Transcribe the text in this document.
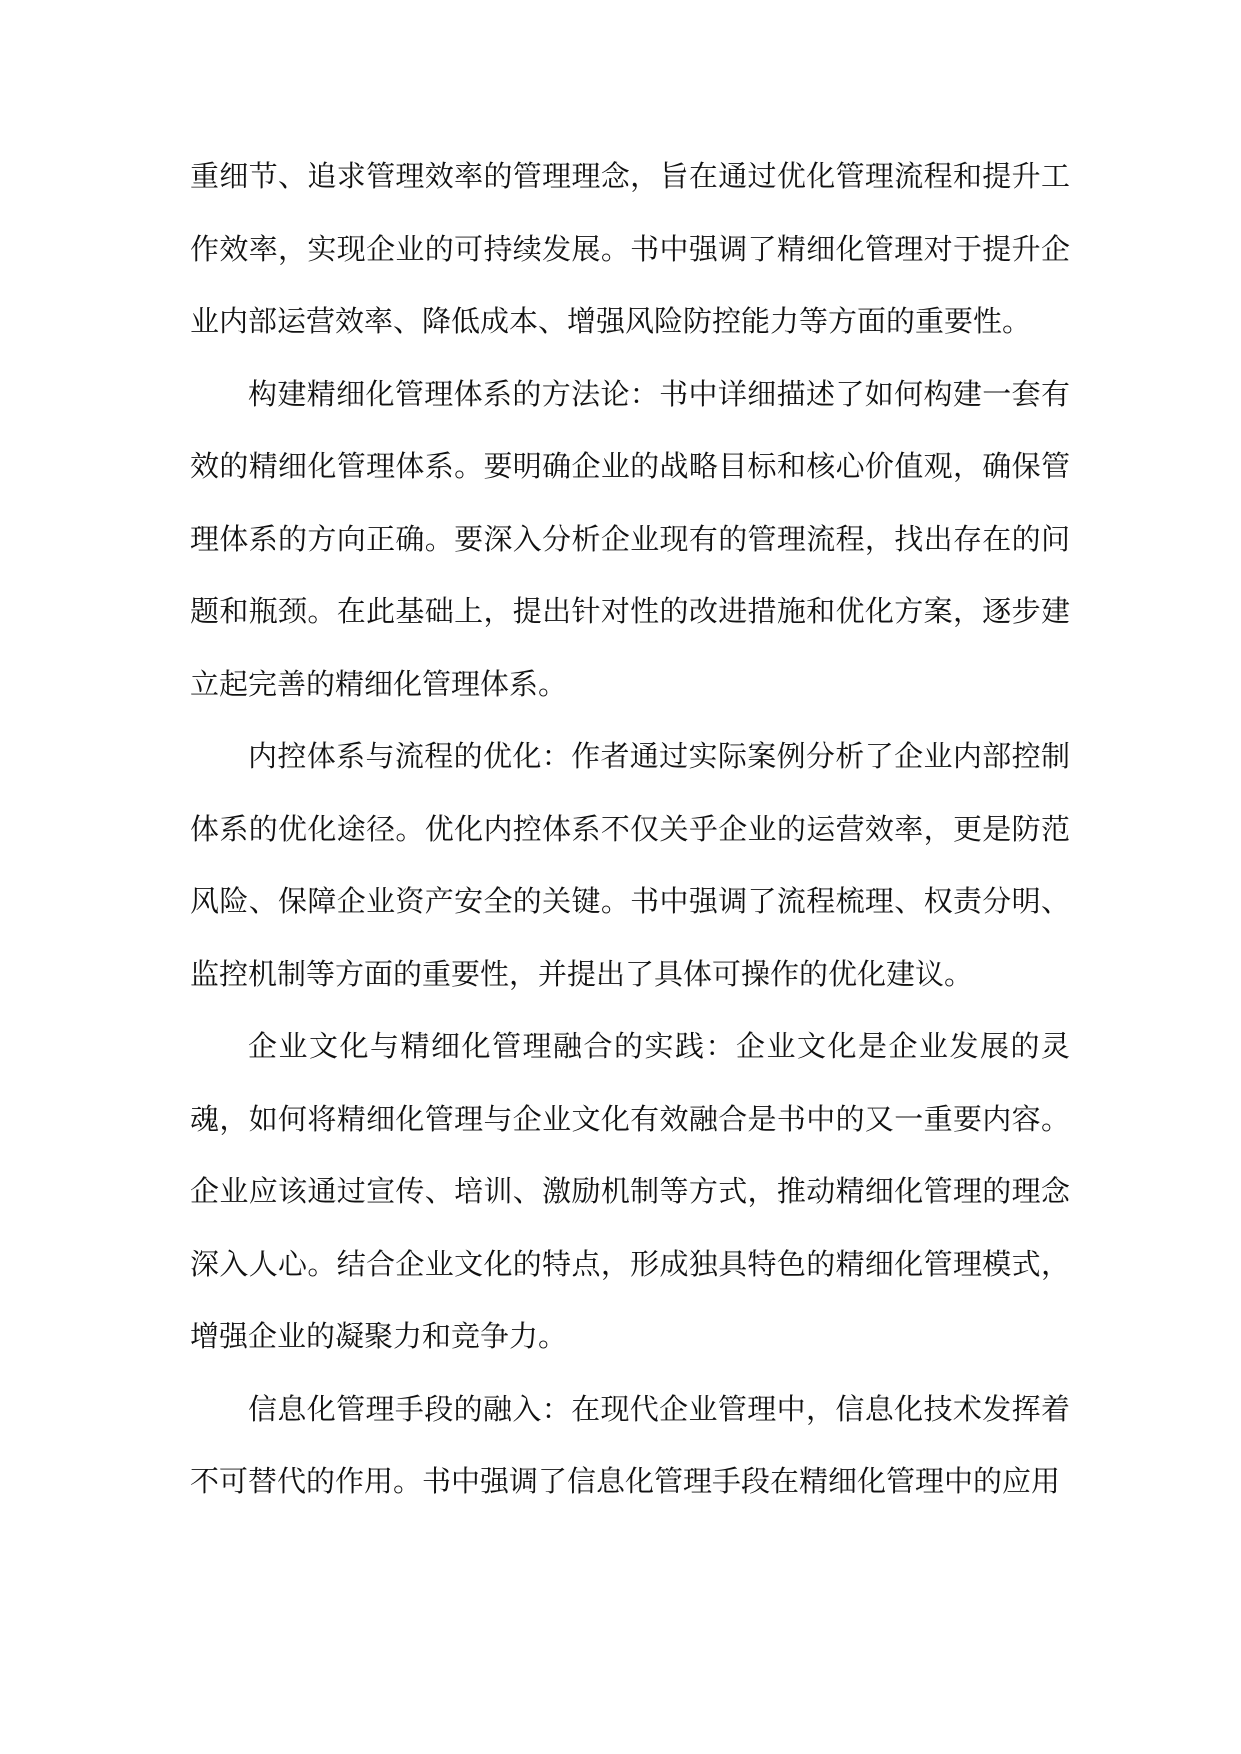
重细节、追求管理效率的管理理念，旨在通过优化管理流程和提升工作效率，实现企业的可持续发展。书中强调了精细化管理对于提升企业内部运营效率、降低成本、增强风险防控能力等方面的重要性。

构建精细化管理体系的方法论：书中详细描述了如何构建一套有效的精细化管理体系。要明确企业的战略目标和核心价值观，确保管理体系的方向正确。要深入分析企业现有的管理流程，找出存在的问题和瓶颈。在此基础上，提出针对性的改进措施和优化方案，逐步建立起完善的精细化管理体系。

内控体系与流程的优化：作者通过实际案例分析了企业内部控制体系的优化途径。优化内控体系不仅关乎企业的运营效率，更是防范风险、保障企业资产安全的关键。书中强调了流程梳理、权责分明、监控机制等方面的重要性，并提出了具体可操作的优化建议。

企业文化与精细化管理融合的实践：企业文化是企业发展的灵魂，如何将精细化管理与企业文化有效融合是书中的又一重要内容。企业应该通过宣传、培训、激励机制等方式，推动精细化管理的理念深入人心。结合企业文化的特点，形成独具特色的精细化管理模式，增强企业的凝聚力和竞争力。

信息化管理手段的融入：在现代企业管理中，信息化技术发挥着不可替代的作用。书中强调了信息化管理手段在精细化管理中的应用
